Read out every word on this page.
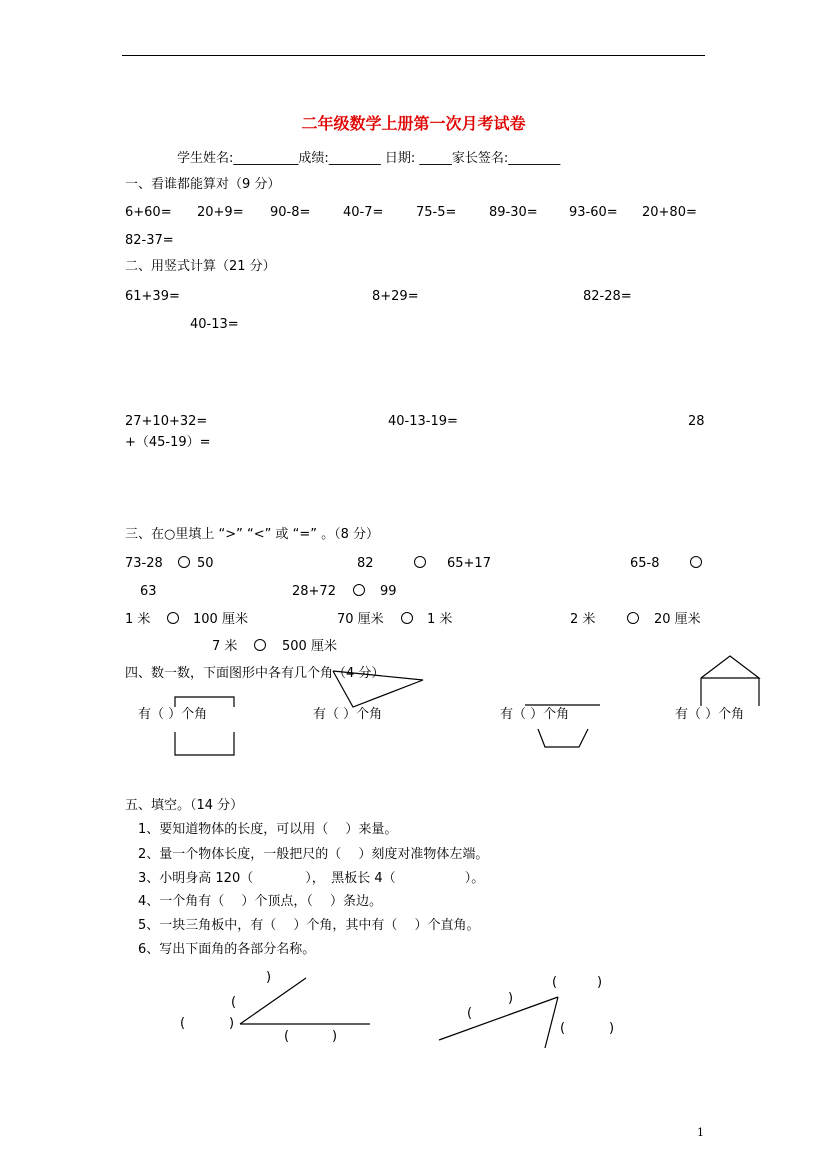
二年级数学上册第一次月考试卷
学生姓名:__________成绩:________ 日期: _____家长签名:________
一、看谁都能算对（9 分）
6+60= 20+9= 90-8=	40-7=	75-5=	89-30= 93-60= 20+80=
82-37=
二、用竖式计算（21 分）
61+39=	8+29=	82-28=
40-13=
27+10+32=	40-13-19=	28
+（45-19）=
三、在○里填上 “>” “<” 或 “=” 。（8 分）
73-28	50	82	65+17	65-8
63	28+72	99
1 米	100 厘米	70 厘米	1 米	2 米	20 厘米
7 米	500 厘米
四、数一数，下面图形中各有几个角（4 分）
有（ ）个角	有（ ）个角	有（ ）个角	有（ ）个角
五、填空。（14 分）
1、要知道物体的长度，可以用（　 ）来量。
2、量一个物体长度，一般把尺的（　 ）刻度对准物体左端。
3、小明身高 120（　　　　），　黑板长 4（　　　　　 ）。
4、一个角有（　 ）个顶点，（　 ）条边。
5、一块三角板中，有（　 ）个角，其中有（　 ）个直角。
6、写出下面角的各部分名称。
)
(
(	)
(	)
)
(
(	)
(	)
1
